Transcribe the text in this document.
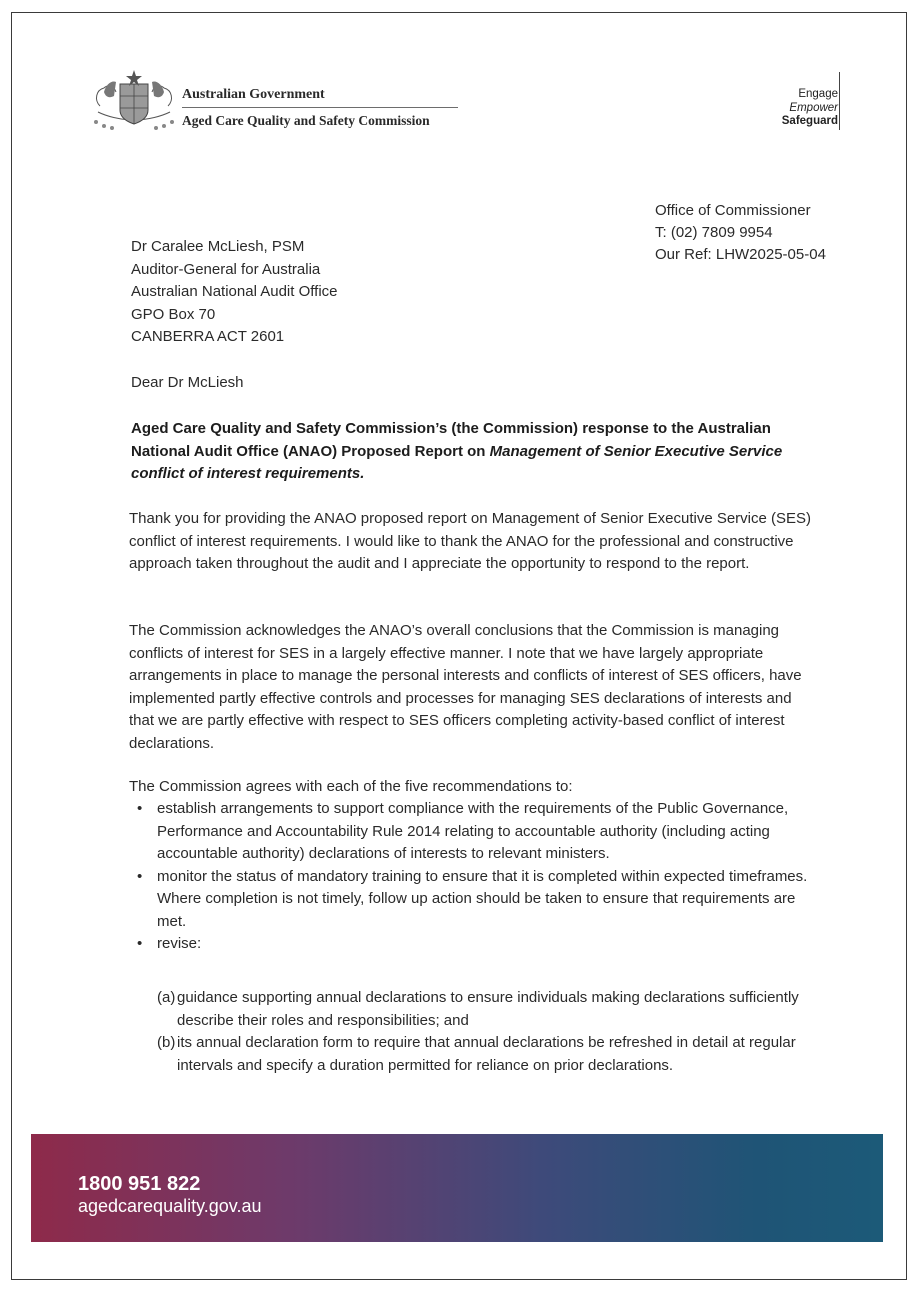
Australian Government
Aged Care Quality and Safety Commission
Engage
Empower
Safeguard
Office of Commissioner
T: (02) 7809 9954
Our Ref: LHW2025-05-04
Dr Caralee McLiesh, PSM
Auditor-General for Australia
Australian National Audit Office
GPO Box 70
CANBERRA ACT 2601
Dear Dr McLiesh
Aged Care Quality and Safety Commission’s (the Commission) response to the Australian National Audit Office (ANAO) Proposed Report on Management of Senior Executive Service conflict of interest requirements.

Thank you for providing the ANAO proposed report on Management of Senior Executive Service (SES) conflict of interest requirements. I would like to thank the ANAO for the professional and constructive approach taken throughout the audit and I appreciate the opportunity to respond to the report.

The Commission acknowledges the ANAO’s overall conclusions that the Commission is managing conflicts of interest for SES in a largely effective manner. I note that we have largely appropriate arrangements in place to manage the personal interests and conflicts of interest of SES officers, have implemented partly effective controls and processes for managing SES declarations of interests and that we are partly effective with respect to SES officers completing activity-based conflict of interest declarations.

The Commission agrees with each of the five recommendations to:

• establish arrangements to support compliance with the requirements of the Public Governance, Performance and Accountability Rule 2014 relating to accountable authority (including acting accountable authority) declarations of interests to relevant ministers.
• monitor the status of mandatory training to ensure that it is completed within expected timeframes. Where completion is not timely, follow up action should be taken to ensure that requirements are met.
• revise:
(a) guidance supporting annual declarations to ensure individuals making declarations sufficiently describe their roles and responsibilities; and
(b) its annual declaration form to require that annual declarations be refreshed in detail at regular intervals and specify a duration permitted for reliance on prior declarations.
1800 951 822
agedcarequality.gov.au
